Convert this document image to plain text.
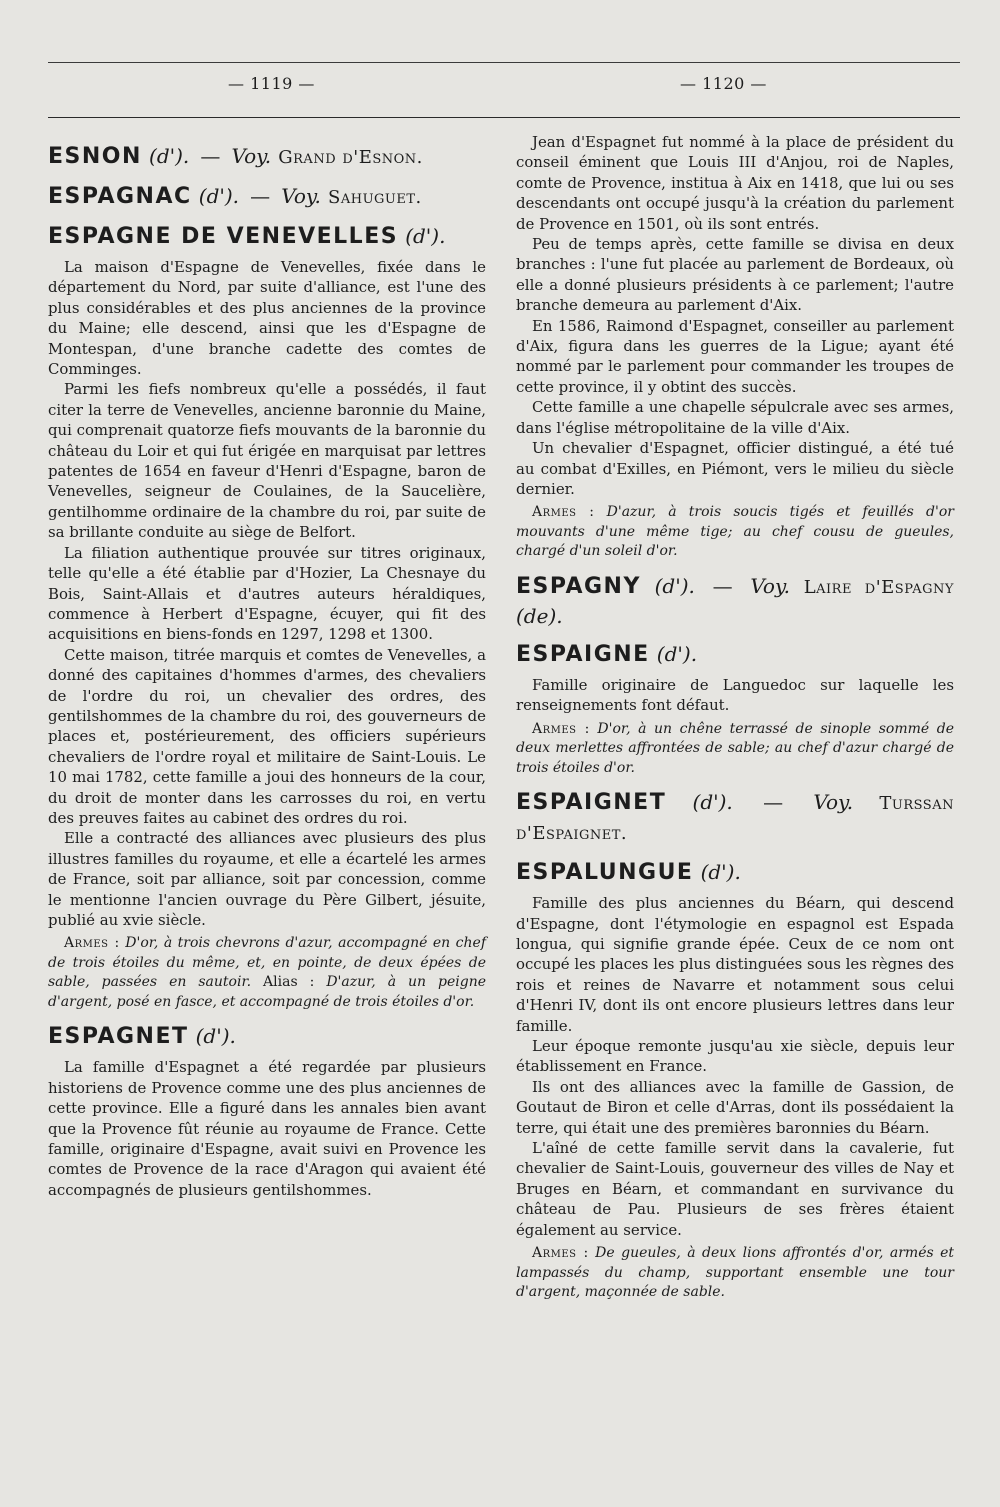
— 1119 —	— 1120 —
ESNON (d'). — Voy. Grand d'Esnon.
ESPAGNAC (d'). — Voy. Sahuguet.
ESPAGNE DE VENEVELLES (d').

La maison d'Espagne de Venevelles, fixée dans le département du Nord, par suite d'alliance, est l'une des plus considérables et des plus anciennes de la province du Maine; elle descend, ainsi que les d'Espagne de Montespan, d'une branche cadette des comtes de Comminges.

Parmi les fiefs nombreux qu'elle a possédés, il faut citer la terre de Venevelles, ancienne baronnie du Maine, qui comprenait quatorze fiefs mouvants de la baronnie du château du Loir et qui fut érigée en marquisat par lettres patentes de 1654 en faveur d'Henri d'Espagne, baron de Venevelles, seigneur de Coulaines, de la Saucelière, gentilhomme ordinaire de la chambre du roi, par suite de sa brillante conduite au siège de Belfort.

La filiation authentique prouvée sur titres originaux, telle qu'elle a été établie par d'Hozier, La Chesnaye du Bois, Saint-Allais et d'autres auteurs héraldiques, commence à Herbert d'Espagne, écuyer, qui fit des acquisitions en biens-fonds en 1297, 1298 et 1300.

Cette maison, titrée marquis et comtes de Venevelles, a donné des capitaines d'hommes d'armes, des chevaliers de l'ordre du roi, un chevalier des ordres, des gentilshommes de la chambre du roi, des gouverneurs de places et, postérieurement, des officiers supérieurs chevaliers de l'ordre royal et militaire de Saint-Louis. Le 10 mai 1782, cette famille a joui des honneurs de la cour, du droit de monter dans les carrosses du roi, en vertu des preuves faites au cabinet des ordres du roi.

Elle a contracté des alliances avec plusieurs des plus illustres familles du royaume, et elle a écartelé les armes de France, soit par alliance, soit par concession, comme le mentionne l'ancien ouvrage du Père Gilbert, jésuite, publié au xvie siècle.

Armes : D'or, à trois chevrons d'azur, accompagné en chef de trois étoiles du même, et, en pointe, de deux épées de sable, passées en sautoir. Alias : D'azur, à un peigne d'argent, posé en fasce, et accompagné de trois étoiles d'or.

ESPAGNET (d').

La famille d'Espagnet a été regardée par plusieurs historiens de Provence comme une des plus anciennes de cette province. Elle a figuré dans les annales bien avant que la Provence fût réunie au royaume de France. Cette famille, originaire d'Espagne, avait suivi en Provence les comtes de Provence de la race d'Aragon qui avaient été accompagnés de plusieurs gentilshommes.

Jean d'Espagnet fut nommé à la place de président du conseil éminent que Louis III d'Anjou, roi de Naples, comte de Provence, institua à Aix en 1418, que lui ou ses descendants ont occupé jusqu'à la création du parlement de Provence en 1501, où ils sont entrés.

Peu de temps après, cette famille se divisa en deux branches : l'une fut placée au parlement de Bordeaux, où elle a donné plusieurs présidents à ce parlement; l'autre branche demeura au parlement d'Aix.

En 1586, Raimond d'Espagnet, conseiller au parlement d'Aix, figura dans les guerres de la Ligue; ayant été nommé par le parlement pour commander les troupes de cette province, il y obtint des succès.

Cette famille a une chapelle sépulcrale avec ses armes, dans l'église métropolitaine de la ville d'Aix.

Un chevalier d'Espagnet, officier distingué, a été tué au combat d'Exilles, en Piémont, vers le milieu du siècle dernier.

Armes : D'azur, à trois soucis tigés et feuillés d'or mouvants d'une même tige; au chef cousu de gueules, chargé d'un soleil d'or.

ESPAGNY (d'). — Voy. Laire d'Espagny (de).
ESPAIGNE (d').

Famille originaire de Languedoc sur laquelle les renseignements font défaut.

Armes : D'or, à un chêne terrassé de sinople sommé de deux merlettes affrontées de sable; au chef d'azur chargé de trois étoiles d'or.

ESPAIGNET (d'). — Voy. Turssan d'Espaignet.
ESPALUNGUE (d').

Famille des plus anciennes du Béarn, qui descend d'Espagne, dont l'étymologie en espagnol est Espada longua, qui signifie grande épée. Ceux de ce nom ont occupé les places les plus distinguées sous les règnes des rois et reines de Navarre et notamment sous celui d'Henri IV, dont ils ont encore plusieurs lettres dans leur famille.

Leur époque remonte jusqu'au xie siècle, depuis leur établissement en France.

Ils ont des alliances avec la famille de Gassion, de Goutaut de Biron et celle d'Arras, dont ils possédaient la terre, qui était une des premières baronnies du Béarn.

L'aîné de cette famille servit dans la cavalerie, fut chevalier de Saint-Louis, gouverneur des villes de Nay et Bruges en Béarn, et commandant en survivance du château de Pau. Plusieurs de ses frères étaient également au service.

Armes : De gueules, à deux lions affrontés d'or, armés et lampassés du champ, supportant ensemble une tour d'argent, maçonnée de sable.
